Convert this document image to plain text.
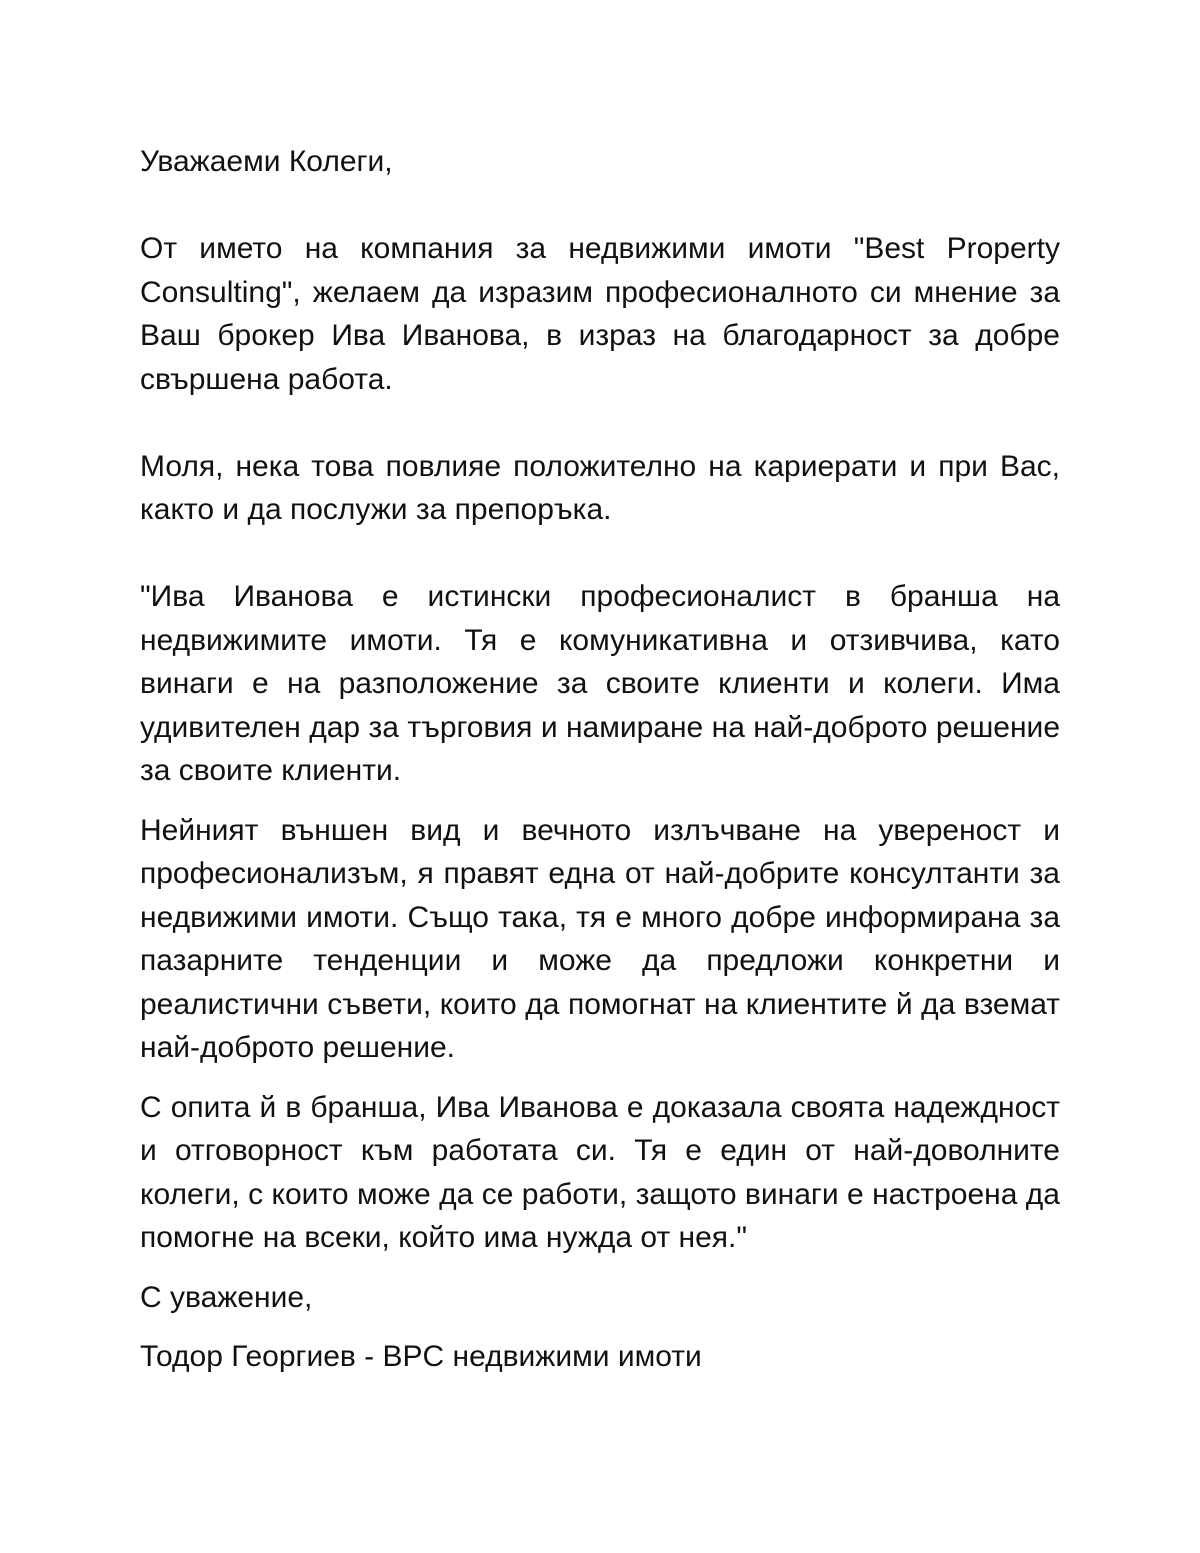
Уважаеми Колеги,

От името на компания за недвижими имоти "Best Property Consulting", желаем да изразим професионалното си мнение за Ваш брокер Ива Иванова, в израз на благодарност за добре свършена работа.

Моля, нека това повлияе положително на кариерати и при Вас, както и да послужи за препоръка.

"Ива Иванова е истински професионалист в бранша на недвижимите имоти. Тя е комуникативна и отзивчива, като винаги е на разположение за своите клиенти и колеги. Има удивителен дар за търговия и намиране на най-доброто решение за своите клиенти.

Нейният външен вид и вечното излъчване на увереност и професионализъм, я правят една от най-добрите консултанти за недвижими имоти. Също така, тя е много добре информирана за пазарните тенденции и може да предложи конкретни и реалистични съвети, които да помогнат на клиентите й да вземат най-доброто решение.

С опита й в бранша, Ива Иванова е доказала своята надеждност и отговорност към работата си. Тя е един от най-доволните колеги, с които може да се работи, защото винаги е настроена да помогне на всеки, който има нужда от нея."

С уважение,

Тодор Георгиев - BPC недвижими имоти
